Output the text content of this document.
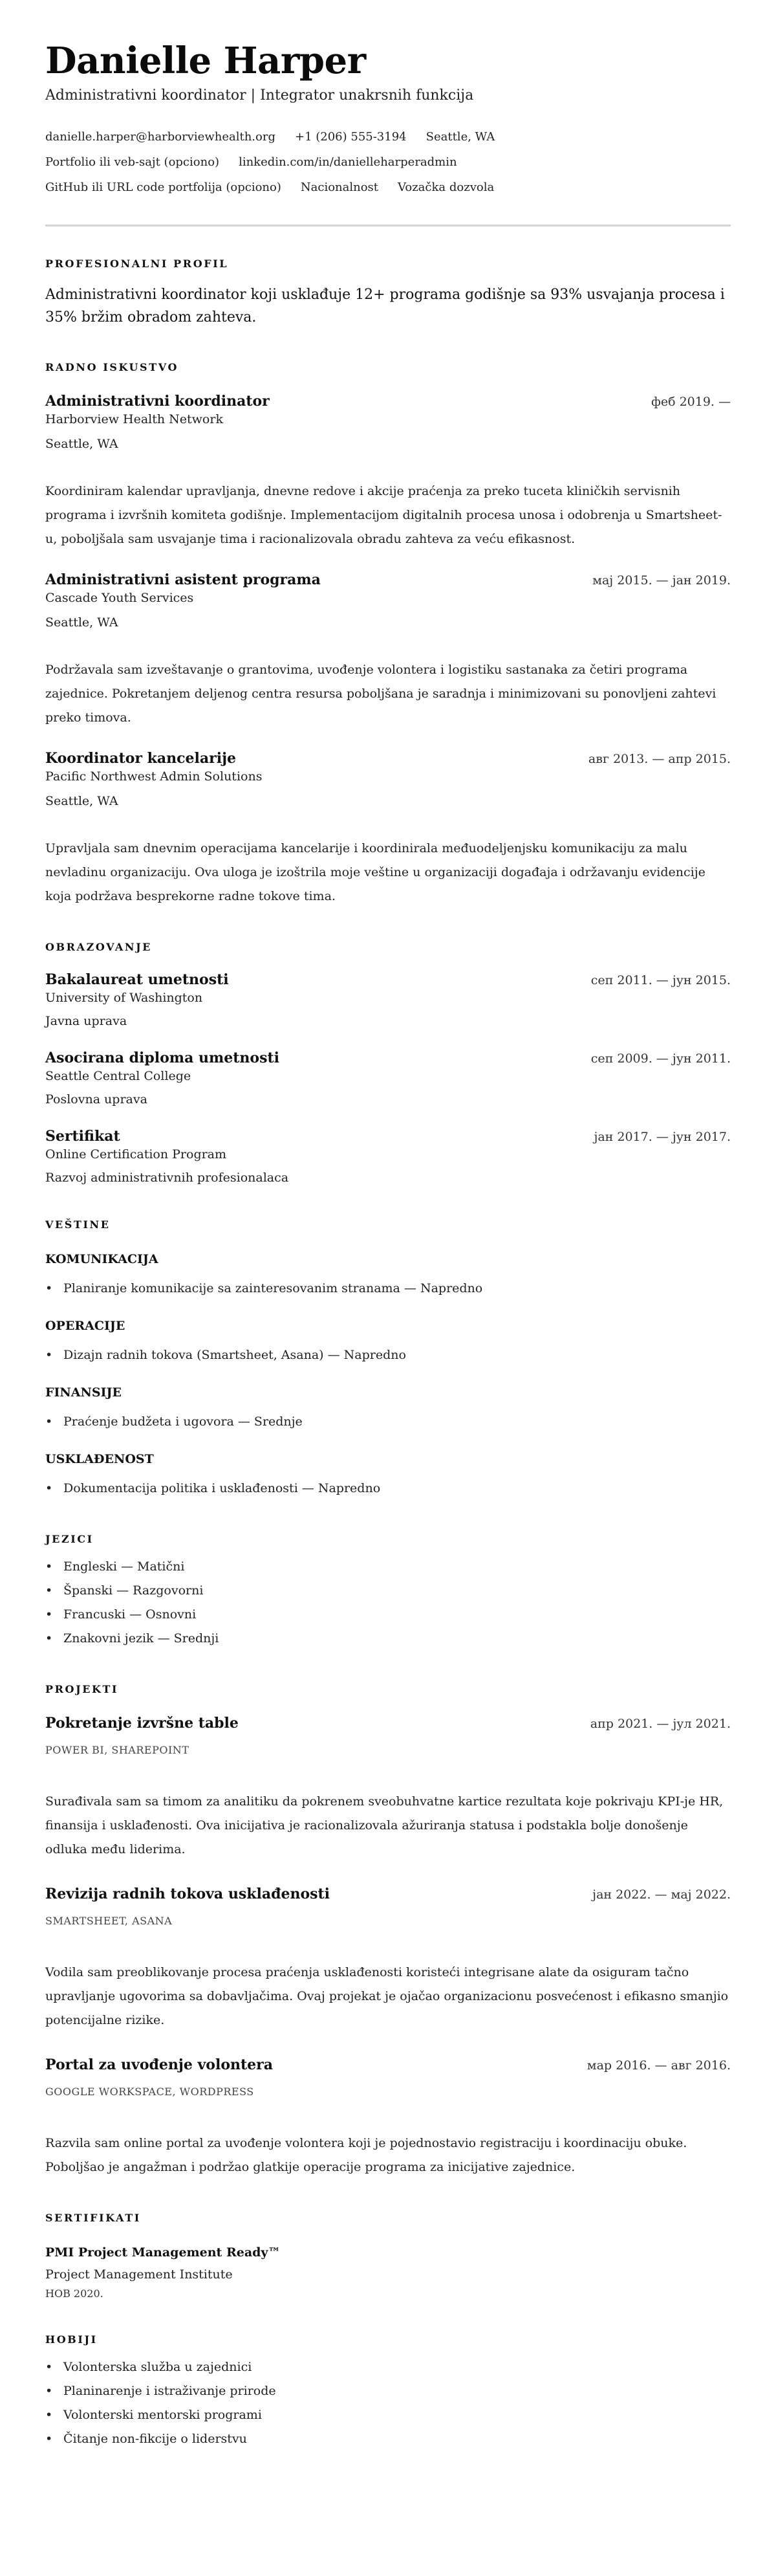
Danielle Harper
Administrativni koordinator | Integrator unakrsnih funkcija
danielle.harper@harborviewhealth.org +1 (206) 555-3194 Seattle, WA
Portfolio ili veb-sajt (opciono) linkedin.com/in/danielleharperadmin
GitHub ili URL code portfolija (opciono) Nacionalnost Vozačka dozvola
PROFESIONALNI PROFIL

Administrativni koordinator koji usklađuje 12+ programa godišnje sa 93% usvajanja procesa i 35% bržim obradom zahteva.

RADNO ISKUSTVO
Administrativni koordinator	феб 2019. —
Harborview Health Network
Seattle, WA

Koordiniram kalendar upravljanja, dnevne redove i akcije praćenja za preko tuceta kliničkih servisnih programa i izvršnih komiteta godišnje. Implementacijom digitalnih procesa unosa i odobrenja u Smartsheet-u, poboljšala sam usvajanje tima i racionalizovala obradu zahteva za veću efikasnost.

Administrativni asistent programa	мај 2015. — јан 2019.
Cascade Youth Services
Seattle, WA

Podržavala sam izveštavanje o grantovima, uvođenje volontera i logistiku sastanaka za četiri programa zajednice. Pokretanjem deljenog centra resursa poboljšana je saradnja i minimizovani su ponovljeni zahtevi preko timova.

Koordinator kancelarije	авг 2013. — апр 2015.
Pacific Northwest Admin Solutions
Seattle, WA

Upravljala sam dnevnim operacijama kancelarije i koordinirala međuodeljenjsku komunikaciju za malu nevladinu organizaciju. Ova uloga je izoštrila moje veštine u organizaciji događaja i održavanju evidencije koja podržava besprekorne radne tokove tima.

OBRAZOVANJE
Bakalaureat umetnosti	сеп 2011. — јун 2015.
University of Washington
Javna uprava
Asocirana diploma umetnosti	сеп 2009. — јун 2011.
Seattle Central College
Poslovna uprava
Sertifikat	јан 2017. — јун 2017.
Online Certification Program
Razvoj administrativnih profesionalaca
VEŠTINE
KOMUNIKACIJA
• Planiranje komunikacije sa zainteresovanim stranama — Napredno
OPERACIJE
• Dizajn radnih tokova (Smartsheet, Asana) — Napredno
FINANSIJE
• Praćenje budžeta i ugovora — Srednje
USKLAĐENOST
• Dokumentacija politika i usklađenosti — Napredno
JEZICI
• Engleski — Matični
• Španski — Razgovorni
• Francuski — Osnovni
• Znakovni jezik — Srednji
PROJEKTI
Pokretanje izvršne table	апр 2021. — јул 2021.
POWER BI, SHAREPOINT

Surađivala sam sa timom za analitiku da pokrenem sveobuhvatne kartice rezultata koje pokrivaju KPI-je HR, finansija i usklađenosti. Ova inicijativa je racionalizovala ažuriranja statusa i podstakla bolje donošenje odluka među liderima.

Revizija radnih tokova usklađenosti	јан 2022. — мај 2022.
SMARTSHEET, ASANA

Vodila sam preoblikovanje procesa praćenja usklađenosti koristeći integrisane alate da osiguram tačno upravljanje ugovorima sa dobavljačima. Ovaj projekat je ojačao organizacionu posvećenost i efikasno smanjio potencijalne rizike.

Portal za uvođenje volontera	мар 2016. — авг 2016.
GOOGLE WORKSPACE, WORDPRESS

Razvila sam online portal za uvođenje volontera koji je pojednostavio registraciju i koordinaciju obuke. Poboljšao je angažman i podržao glatkije operacije programa za inicijative zajednice.

SERTIFIKATI
PMI Project Management Ready™
Project Management Institute
НОВ 2020.
HOBIJI
• Volonterska služba u zajednici
• Planinarenje i istraživanje prirode
• Volonterski mentorski programi
• Čitanje non-fikcije o liderstvu
